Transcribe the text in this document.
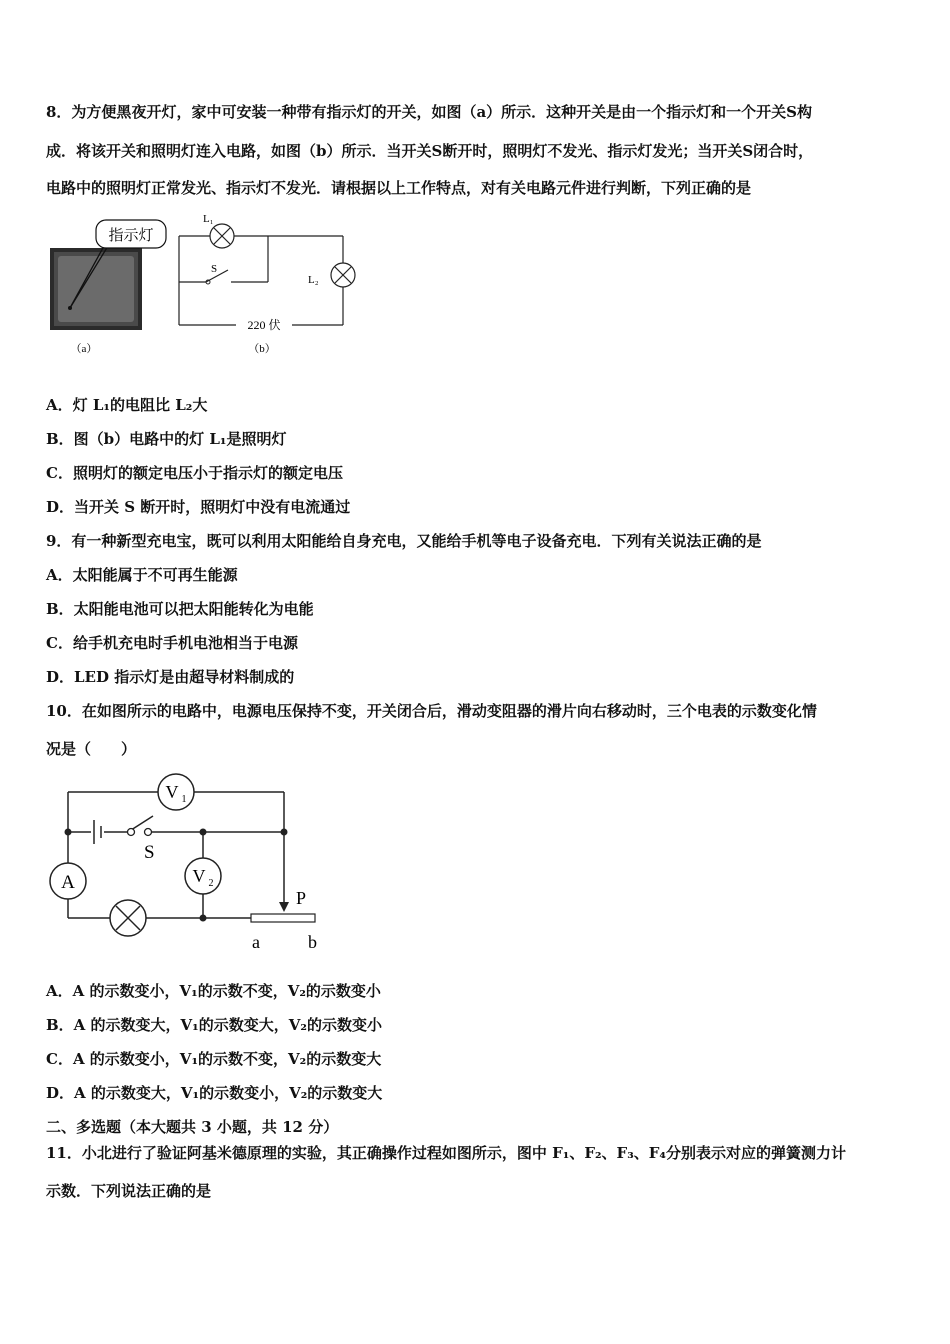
8．为方便黑夜开灯，家中可安装一种带有指示灯的开关，如图（a）所示．这种开关是由一个指示灯和一个开关S构
成．将该开关和照明灯连入电路，如图（b）所示．当开关S断开时，照明灯不发光、指示灯发光；当开关S闭合时，
电路中的照明灯正常发光、指示灯不发光．请根据以上工作特点，对有关电路元件进行判断，下列正确的是
指示灯
L₁
L₂
S
220 伏
（a）	（b）
A．灯 L₁的电阻比 L₂大
B．图（b）电路中的灯 L₁是照明灯
C．照明灯的额定电压小于指示灯的额定电压
D．当开关 S 断开时，照明灯中没有电流通过
9．有一种新型充电宝，既可以利用太阳能给自身充电，又能给手机等电子设备充电．下列有关说法正确的是
A．太阳能属于不可再生能源
B．太阳能电池可以把太阳能转化为电能
C．给手机充电时手机电池相当于电源
D．LED 指示灯是由超导材料制成的
10．在如图所示的电路中，电源电压保持不变，开关闭合后，滑动变阻器的滑片向右移动时，三个电表的示数变化情
况是（　　）
V 1
V 2
A
S
P
a	b
A．A 的示数变小，V₁的示数不变，V₂的示数变小
B．A 的示数变大，V₁的示数变大，V₂的示数变小
C．A 的示数变小，V₁的示数不变，V₂的示数变大
D．A 的示数变大，V₁的示数变小，V₂的示数变大
二、多选题（本大题共 3 小题，共 12 分）
11．小北进行了验证阿基米德原理的实验，其正确操作过程如图所示，图中 F₁、F₂、F₃、F₄分别表示对应的弹簧测力计
示数．下列说法正确的是
